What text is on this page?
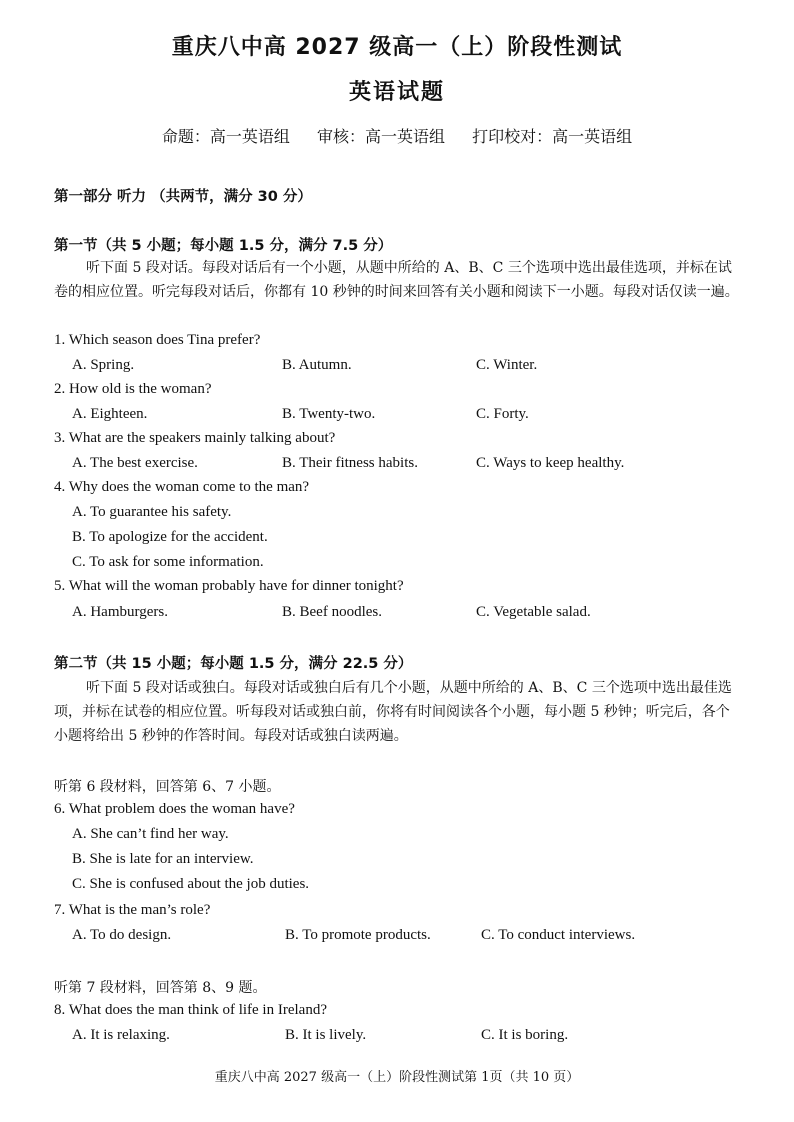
重庆八中高 2027 级高一（上）阶段性测试
英语试题
命题：高一英语组 审核：高一英语组 打印校对：高一英语组
第一部分 听力 （共两节，满分 30 分）
第一节（共 5 小题；每小题 1.5 分，满分 7.5 分）
听下面 5 段对话。每段对话后有一个小题，从题中所给的 A、B、C 三个选项中选出最佳选项，并标在试卷的相应位置。听完每段对话后，你都有 10 秒钟的时间来回答有关小题和阅读下一小题。每段对话仅读一遍。
1. Which season does Tina prefer?
A. Spring.	B. Autumn.	C. Winter.
2. How old is the woman?
A. Eighteen.	B. Twenty-two.	C. Forty.
3. What are the speakers mainly talking about?
A. The best exercise.	B. Their fitness habits.	C. Ways to keep healthy.
4. Why does the woman come to the man?
A. To guarantee his safety.
B. To apologize for the accident.
C. To ask for some information.
5. What will the woman probably have for dinner tonight?
A. Hamburgers.	B. Beef noodles.	C. Vegetable salad.
第二节（共 15 小题；每小题 1.5 分，满分 22.5 分）
听下面 5 段对话或独白。每段对话或独白后有几个小题，从题中所给的 A、B、C 三个选项中选出最佳选项，并标在试卷的相应位置。听每段对话或独白前，你将有时间阅读各个小题，每小题 5 秒钟；听完后，各个小题将给出 5 秒钟的作答时间。每段对话或独白读两遍。
听第 6 段材料，回答第 6、7 小题。
6. What problem does the woman have?
A. She can’t find her way.
B. She is late for an interview.
C. She is confused about the job duties.
7. What is the man’s role?
A. To do design.	B. To promote products.	C. To conduct interviews.
听第 7 段材料，回答第 8、9 题。
8. What does the man think of life in Ireland?
A. It is relaxing.	B. It is lively.	C. It is boring.
重庆八中高 2027 级高一（上）阶段性测试第 1页（共 10 页）
